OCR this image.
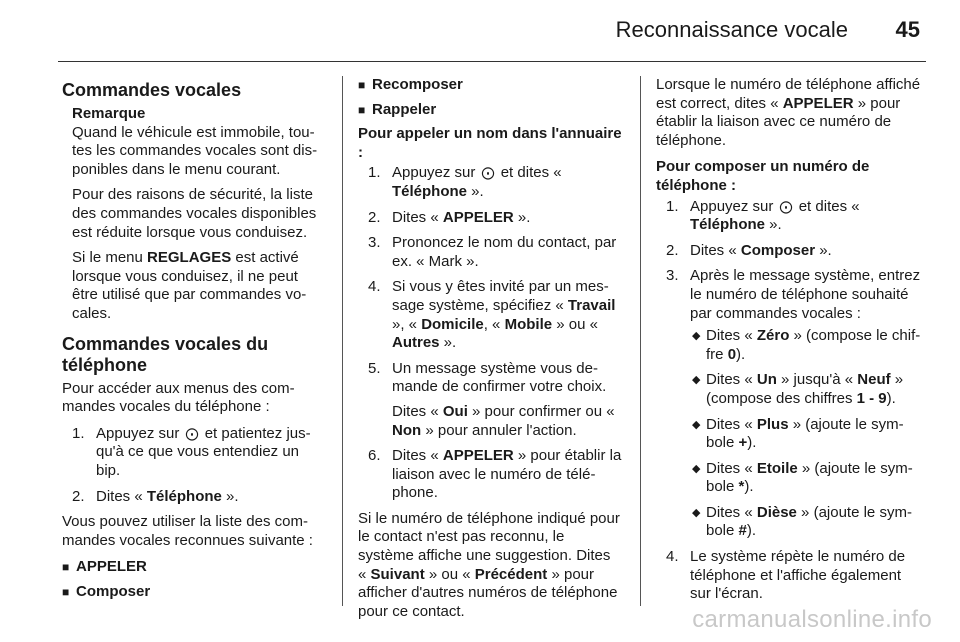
Reconnaissance vocale 45
Commandes vocales
Remarque

Quand le véhicule est immobile, toutes les commandes vocales sont disponibles dans le menu courant.

Pour des raisons de sécurité, la liste des commandes vocales disponibles est réduite lorsque vous conduisez.

Si le menu REGLAGES est activé lorsque vous conduisez, il ne peut être utilisé que par commandes vocales.

Commandes vocales du téléphone

Pour accéder aux menus des commandes vocales du téléphone :

1. Appuyez sur ⨀ et patientez jusqu'à ce que vous entendiez un bip.
2. Dites « Téléphone ».

Vous pouvez utiliser la liste des commandes vocales reconnues suivante :

■ APPELER
■ Composer
■ Recomposer
■ Rappeler
Pour appeler un nom dans l'annuaire :
1. Appuyez sur ⨀ et dites « Téléphone ».
2. Dites « APPELER ».
3. Prononcez le nom du contact, par ex. « Mark ».
4. Si vous y êtes invité par un message système, spécifiez « Travail », « Domicile, « Mobile » ou « Autres ».
5. Un message système vous demande de confirmer votre choix.

Dites « Oui » pour confirmer ou « Non » pour annuler l'action.

6. Dites « APPELER » pour établir la liaison avec le numéro de téléphone.

Si le numéro de téléphone indiqué pour le contact n'est pas reconnu, le système affiche une suggestion. Dites « Suivant » ou « Précédent » pour afficher d'autres numéros de téléphone pour ce contact.

Lorsque le numéro de téléphone affiché est correct, dites « APPELER » pour établir la liaison avec ce numéro de téléphone.

Pour composer un numéro de téléphone :
1. Appuyez sur ⨀ et dites « Téléphone ».
2. Dites « Composer ».
3. Après le message système, entrez le numéro de téléphone souhaité par commandes vocales :
◆ Dites « Zéro » (compose le chiffre 0).
◆ Dites « Un » jusqu'à « Neuf » (compose des chiffres 1 - 9).
◆ Dites « Plus » (ajoute le symbole +).
◆ Dites « Etoile » (ajoute le symbole *).
◆ Dites « Dièse » (ajoute le symbole #).
4. Le système répète le numéro de téléphone et l'affiche également sur l'écran.
carmanualsonline.info
